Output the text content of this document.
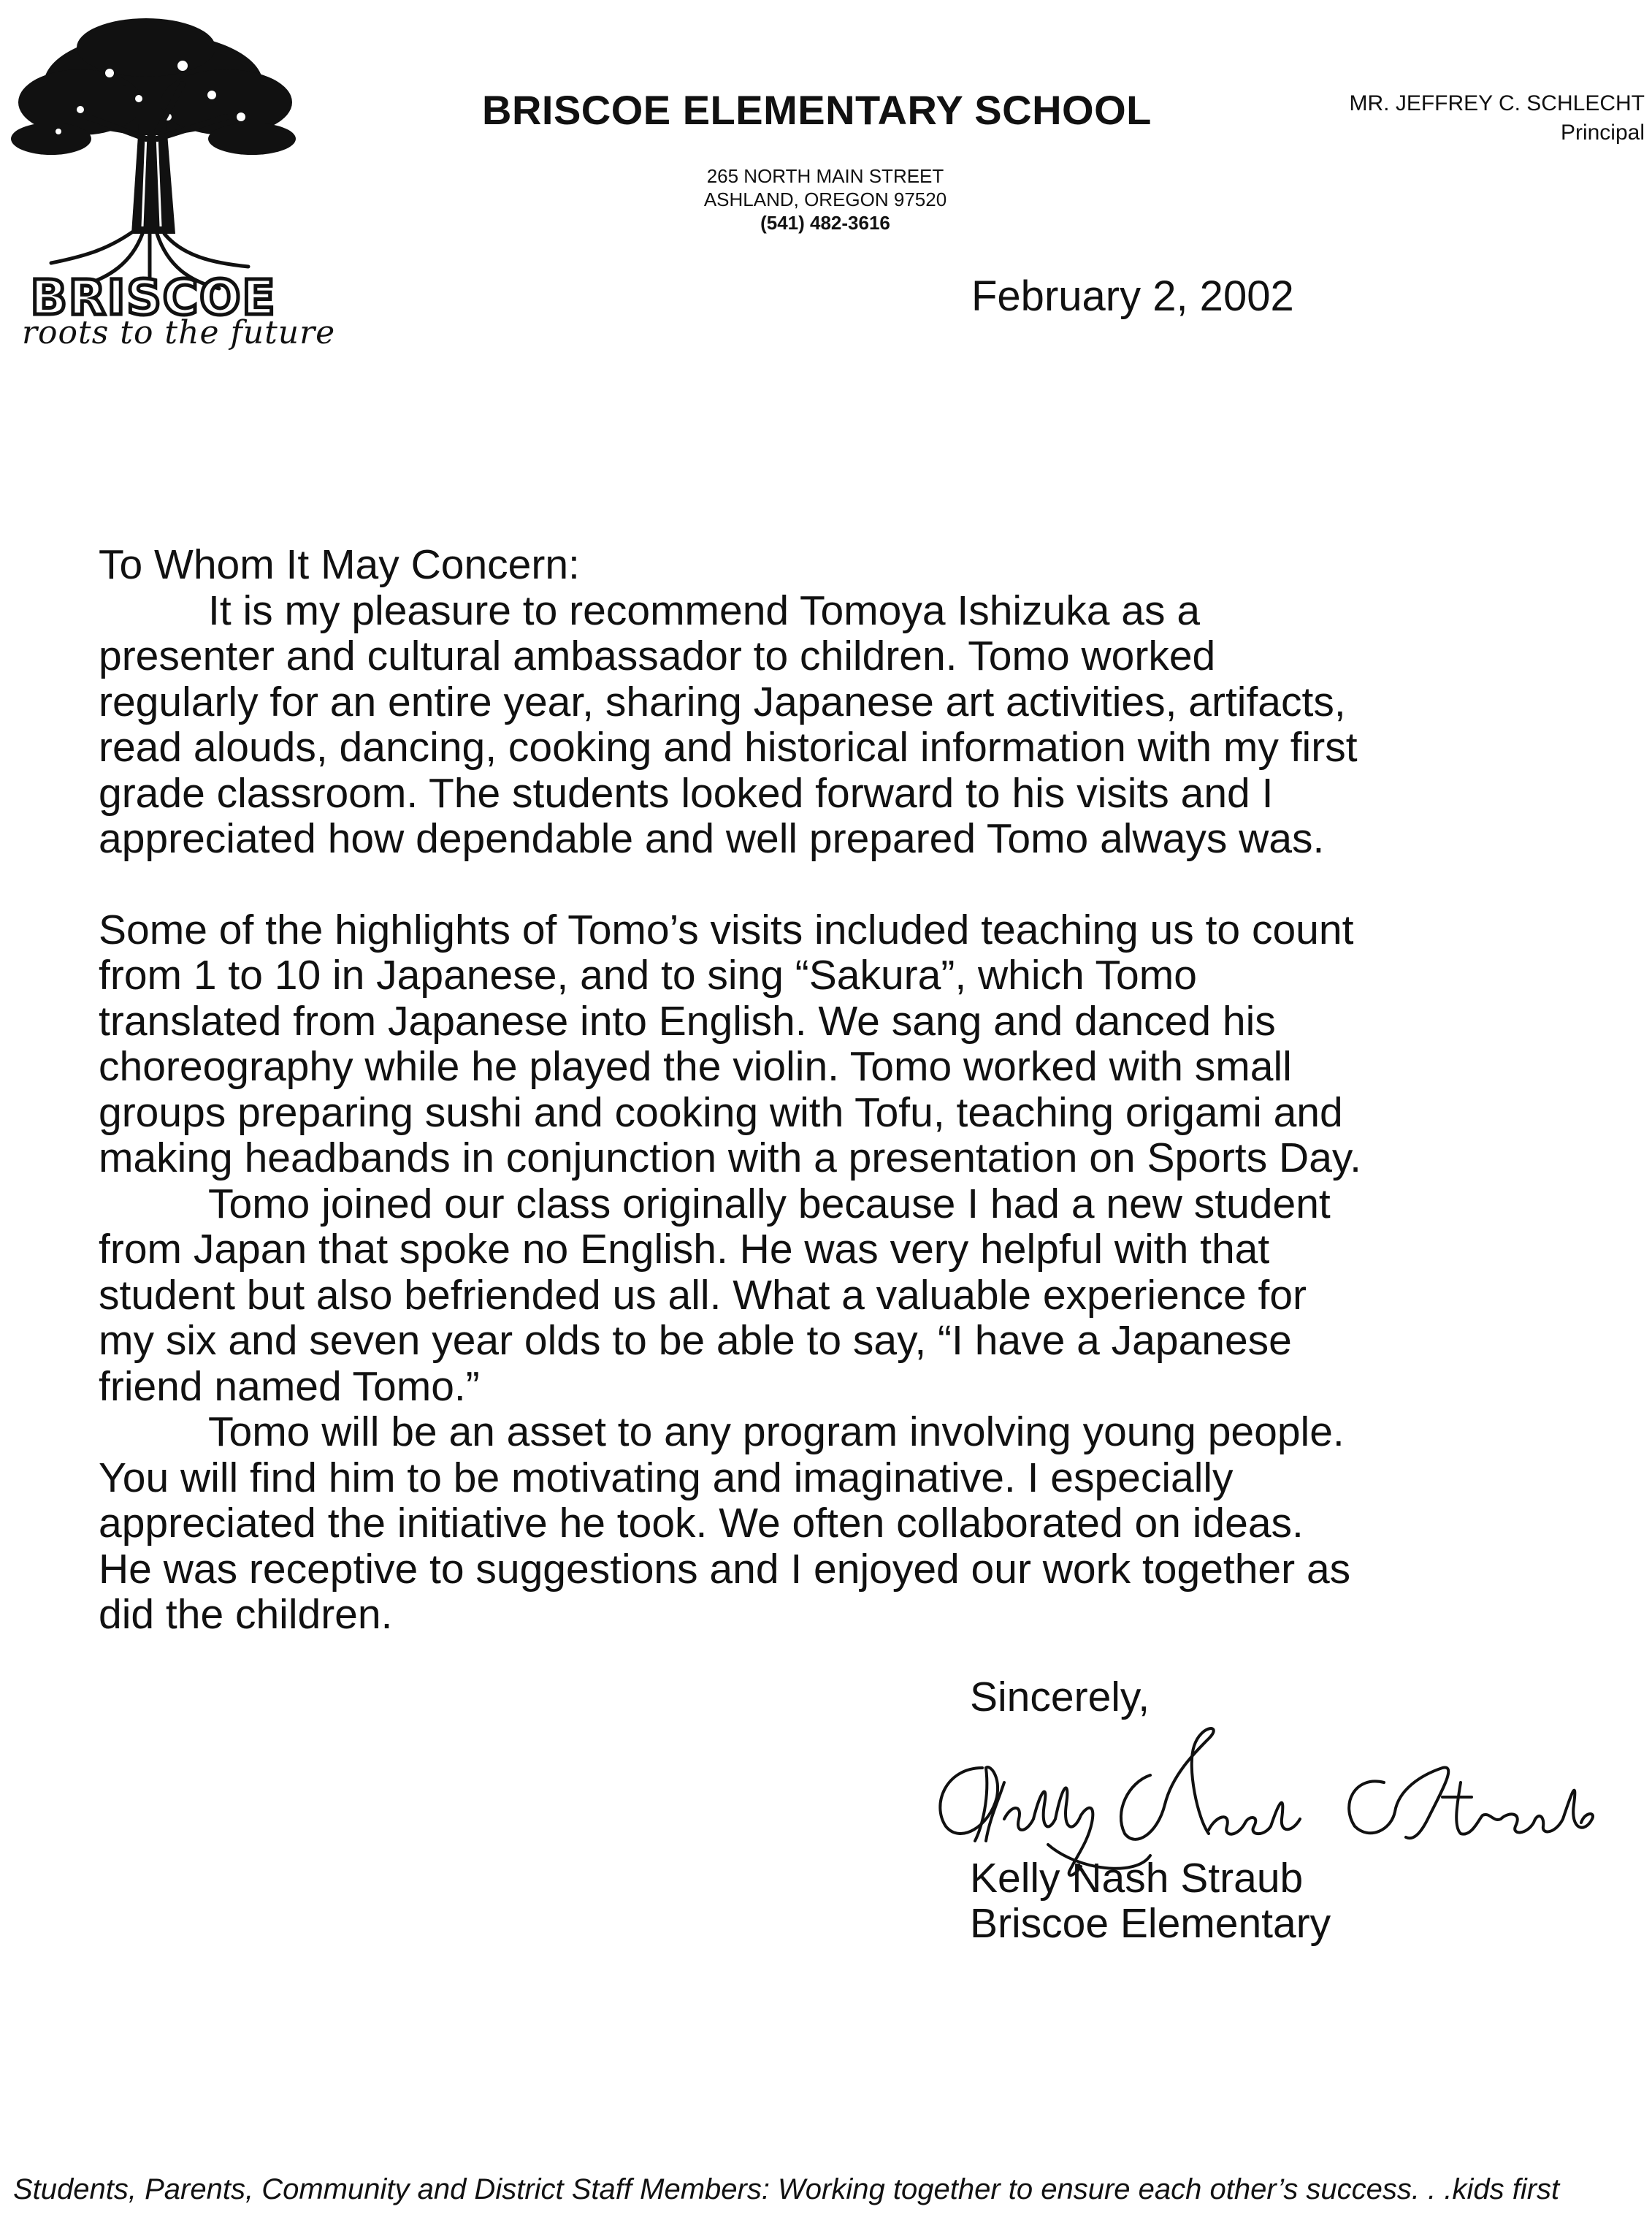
BRISCOE
roots to the future
BRISCOE ELEMENTARY SCHOOL
265 NORTH MAIN STREET
ASHLAND, OREGON 97520
(541) 482-3616
MR. JEFFREY C. SCHLECHT
Principal
February 2, 2002

To Whom It May Concern:

It is my pleasure to recommend Tomoya Ishizuka as a

presenter and cultural ambassador to children. Tomo worked

regularly for an entire year, sharing Japanese art activities, artifacts,

read alouds, dancing, cooking and historical information with my first

grade classroom. The students looked forward to his visits and I

appreciated how dependable and well prepared Tomo always was.

Some of the highlights of Tomo’s visits included teaching us to count

from 1 to 10 in Japanese, and to sing “Sakura”, which Tomo

translated from Japanese into English. We sang and danced his

choreography while he played the violin. Tomo worked with small

groups preparing sushi and cooking with Tofu, teaching origami and

making headbands in conjunction with a presentation on Sports Day.

Tomo joined our class originally because I had a new student

from Japan that spoke no English. He was very helpful with that

student but also befriended us all. What a valuable experience for

my six and seven year olds to be able to say, “I have a Japanese

friend named Tomo.”

Tomo will be an asset to any program involving young people.

You will find him to be motivating and imaginative. I especially

appreciated the initiative he took. We often collaborated on ideas.

He was receptive to suggestions and I enjoyed our work together as

did the children.

Sincerely,
Kelly Nash Straub
Briscoe Elementary
Students, Parents, Community and District Staff Members: Working together to ensure each other’s success. . .kids first
